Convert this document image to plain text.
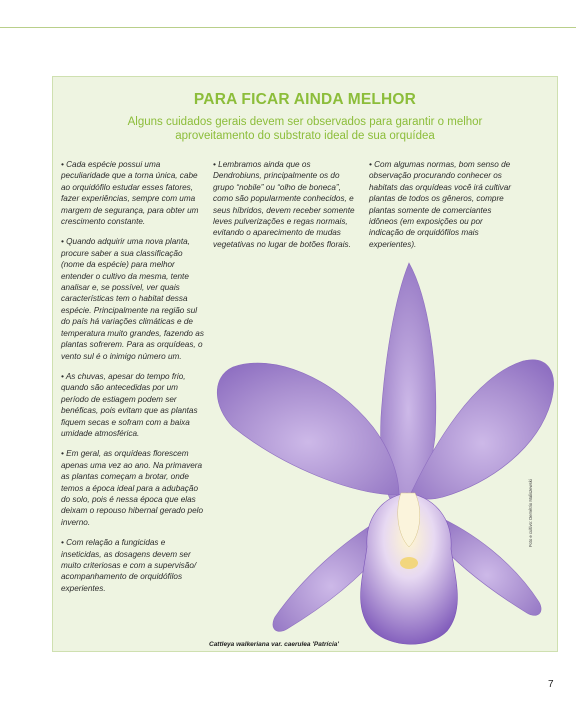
PARA FICAR AINDA MELHOR
Alguns cuidados gerais devem ser observados para garantir o melhor aproveitamento do substrato ideal de sua orquídea

• Cada espécie possui uma peculiaridade que a torna única, cabe ao orquidófilo estudar esses fatores, fazer experiências, sempre com uma margem de segurança, para obter um crescimento constante.

• Quando adquirir uma nova planta, procure saber a sua classificação (nome da espécie) para melhor entender o cultivo da mesma, tente analisar e, se possível, ver quais características tem o habitat dessa espécie. Principalmente na região sul do país há variações climáticas e de temperatura muito grandes, fazendo as plantas sofrerem. Para as orquídeas, o vento sul é o inimigo número um.

• As chuvas, apesar do tempo frio, quando são antecedidas por um período de estiagem podem ser benéficas, pois evitam que as plantas fiquem secas e sofram com a baixa umidade atmosférica.

• Em geral, as orquídeas florescem apenas uma vez ao ano. Na primavera as plantas começam a brotar, onde temos a época ideal para a adubação do solo, pois é nessa época que elas deixam o repouso hibernal gerado pelo inverno.

• Com relação a fungicidas e inseticidas, as dosagens devem ser muito criteriosas e com a supervisão/ acompanhamento de orquidófilos experientes.

• Lembramos ainda que os Dendrobiuns, principalmente os do grupo “nobile” ou “olho de boneca”, como são popularmente conhecidos, e seus híbridos, devem receber somente leves pulverizações e regas normais, evitando o aparecimento de mudas vegetativas no lugar de botões florais.

• Com algumas normas, bom senso de observação procurando conhecer os habitats das orquídeas você irá cultivar plantas de todos os gêneros, compre plantas somente de comerciantes idôneos (em exposições ou por indicação de orquidófilos mais experientes).

Cattleya walkeriana var. caerulea 'Patrícia'
Foto e cultivo: Demétrio Maliszewski
7
